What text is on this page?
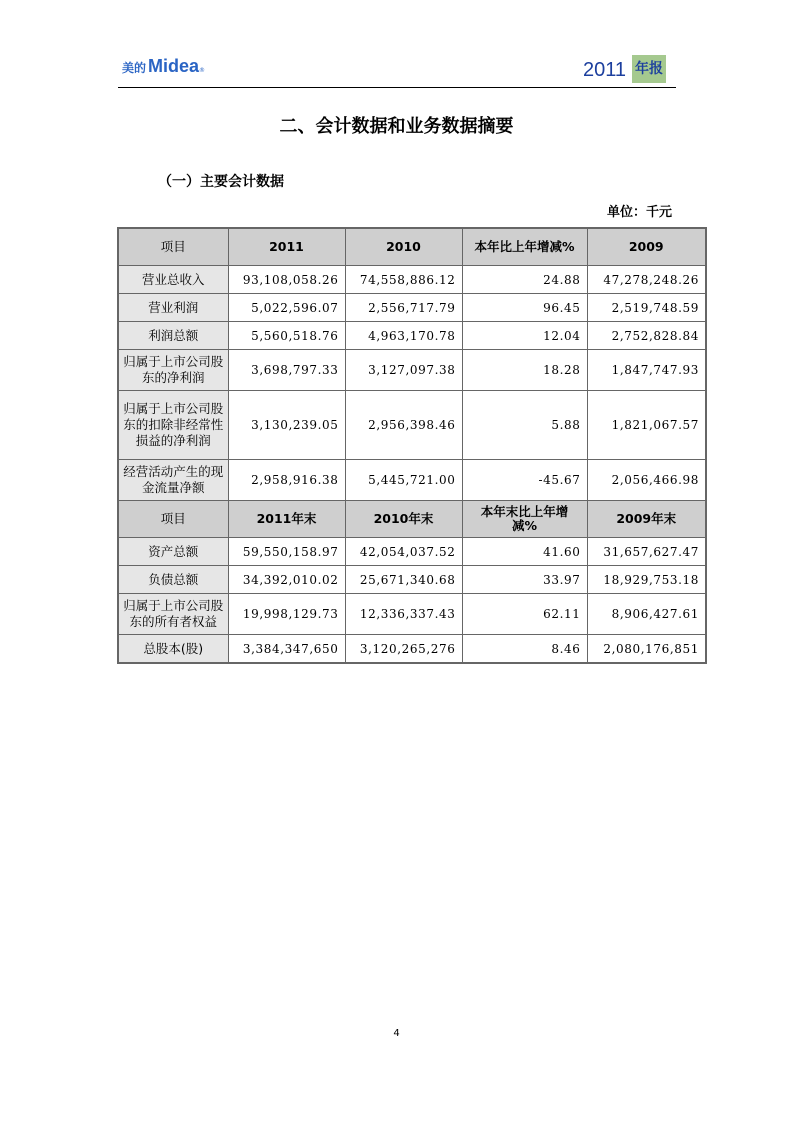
美的 Midea ®	2011 年报
二、会计数据和业务数据摘要
（一）主要会计数据
单位：千元
项目	2011	2010	本年比上年增减%	2009
营业总收入	93,108,058.26	74,558,886.12	24.88	47,278,248.26
营业利润	5,022,596.07	2,556,717.79	96.45	2,519,748.59
利润总额	5,560,518.76	4,963,170.78	12.04	2,752,828.84
归属于上市公司股东的净利润	3,698,797.33	3,127,097.38	18.28	1,847,747.93
归属于上市公司股东的扣除非经常性损益的净利润	3,130,239.05	2,956,398.46	5.88	1,821,067.57
经营活动产生的现金流量净额	2,958,916.38	5,445,721.00	-45.67	2,056,466.98
项目	2011年末	2010年末	本年末比上年增减%	2009年末
资产总额	59,550,158.97	42,054,037.52	41.60	31,657,627.47
负债总额	34,392,010.02	25,671,340.68	33.97	18,929,753.18
归属于上市公司股东的所有者权益	19,998,129.73	12,336,337.43	62.11	8,906,427.61
总股本(股)	3,384,347,650	3,120,265,276	8.46	2,080,176,851
4
